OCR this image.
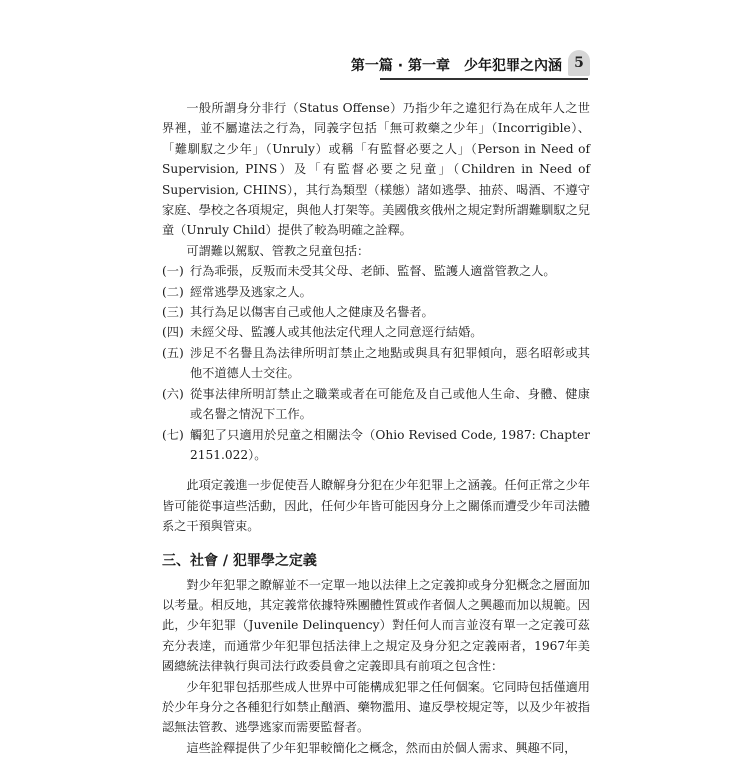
第一篇 · 第一章　少年犯罪之內涵 5

一般所謂身分非行（Status Offense）乃指少年之違犯行為在成年人之世界裡，並不屬違法之行為，同義字包括「無可救藥之少年」（Incorrigible）、「難馴馭之少年」（Unruly）或稱「有監督必要之人」（Person in Need of Supervision, PINS）及「有監督必要之兒童」（Children in Need of Supervision, CHINS），其行為類型（樣態）諸如逃學、抽菸、喝酒、不遵守家庭、學校之各項規定，與他人打架等。美國俄亥俄州之規定對所謂難馴馭之兒童（Unruly Child）提供了較為明確之詮釋。

可謂難以駕馭、管教之兒童包括：

(一) 行為乖張，反叛而未受其父母、老師、監督、監護人適當管教之人。
(二) 經常逃學及逃家之人。
(三) 其行為足以傷害自己或他人之健康及名譽者。
(四) 未經父母、監護人或其他法定代理人之同意逕行結婚。
(五) 涉足不名譽且為法律所明訂禁止之地點或與具有犯罪傾向，惡名昭彰或其他不道德人士交往。
(六) 從事法律所明訂禁止之職業或者在可能危及自己或他人生命、身體、健康或名譽之情況下工作。
(七) 觸犯了只適用於兒童之相關法令（Ohio Revised Code, 1987: Chapter 2151.022）。

此項定義進一步促使吾人瞭解身分犯在少年犯罪上之涵義。任何正常之少年皆可能從事這些活動，因此，任何少年皆可能因身分上之關係而遭受少年司法體系之干預與管束。

三、社會 / 犯罪學之定義

對少年犯罪之瞭解並不一定單一地以法律上之定義抑或身分犯概念之層面加以考量。相反地，其定義常依據特殊團體性質或作者個人之興趣而加以規範。因此，少年犯罪（Juvenile Delinquency）對任何人而言並沒有單一之定義可茲充分表達，而通常少年犯罪包括法律上之規定及身分犯之定義兩者，1967年美國總統法律執行與司法行政委員會之定義即具有前項之包含性：

少年犯罪包括那些成人世界中可能構成犯罪之任何個案。它同時包括僅適用於少年身分之各種犯行如禁止酗酒、藥物濫用、違反學校規定等，以及少年被指認無法管教、逃學逃家而需要監督者。

這些詮釋提供了少年犯罪較簡化之概念，然而由於個人需求、興趣不同，
